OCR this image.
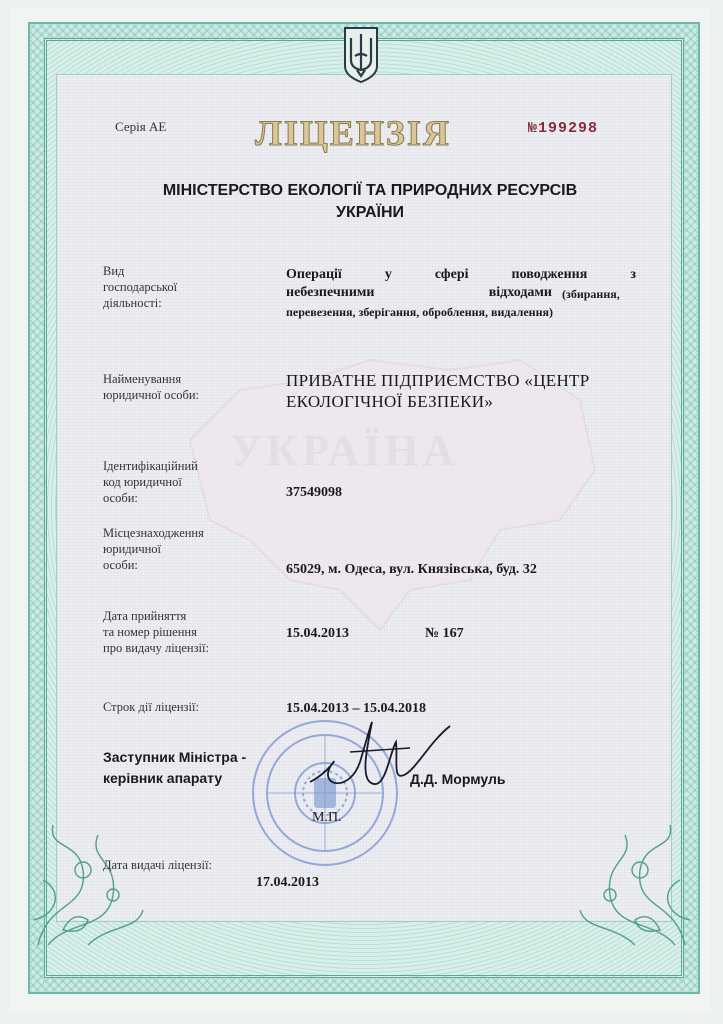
УКРАЇНА
Серія АЕ ЛІЦЕНЗІЯ	№199298
МІНІСТЕРСТВО ЕКОЛОГІЇ ТА ПРИРОДНИХ РЕСУРСІВ
УКРАЇНИ
Вид
господарської
діяльності:
Операції у сфері поводження з
небезпечними відходами (збирання,
перевезення, зберігання, оброблення, видалення)
Найменування
юридичної особи:
ПРИВАТНЕ ПІДПРИЄМСТВО «ЦЕНТР ЕКОЛОГІЧНОЇ БЕЗПЕКИ»
Ідентифікаційний
код юридичної
особи:	37549098
Місцезнаходження
юридичної
особи:	65029, м. Одеса, вул. Князівська, буд. 32
Дата прийняття
та номер рішення
про видачу ліцензії:
15.04.2013	№ 167
Строк дії ліцензії:	15.04.2013 – 15.04.2018
Заступник Міністра -
керівник апарату	Д.Д. Мормуль
М.П.
Дата видачі ліцензії:
17.04.2013
